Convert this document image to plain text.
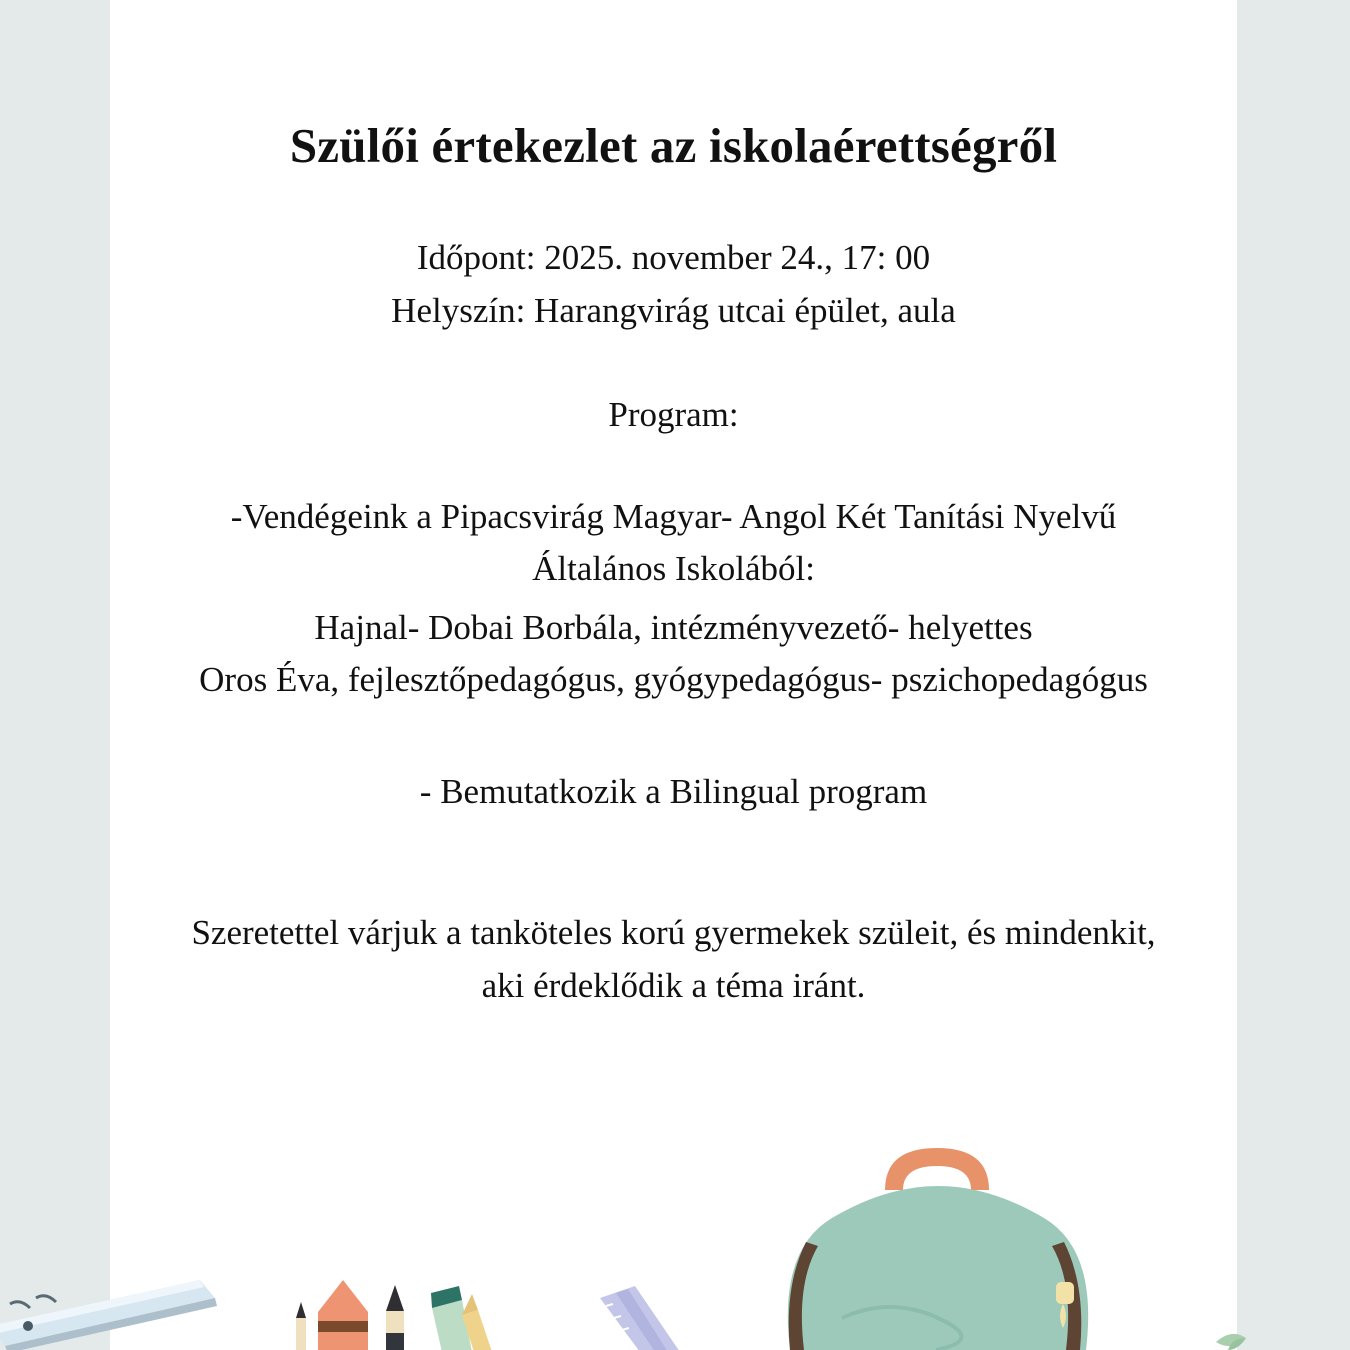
Szülői értekezlet az iskolaérettségről
Időpont: 2025. november 24., 17: 00
Helyszín: Harangvirág utcai épület, aula
Program:
-Vendégeink a Pipacsvirág Magyar- Angol Két Tanítási Nyelvű
Általános Iskolából:
Hajnal- Dobai Borbála, intézményvezető- helyettes
Oros Éva, fejlesztőpedagógus, gyógypedagógus- pszichopedagógus
- Bemutatkozik a Bilingual program
Szeretettel várjuk a tanköteles korú gyermekek szüleit, és mindenkit,
aki érdeklődik a téma iránt.
